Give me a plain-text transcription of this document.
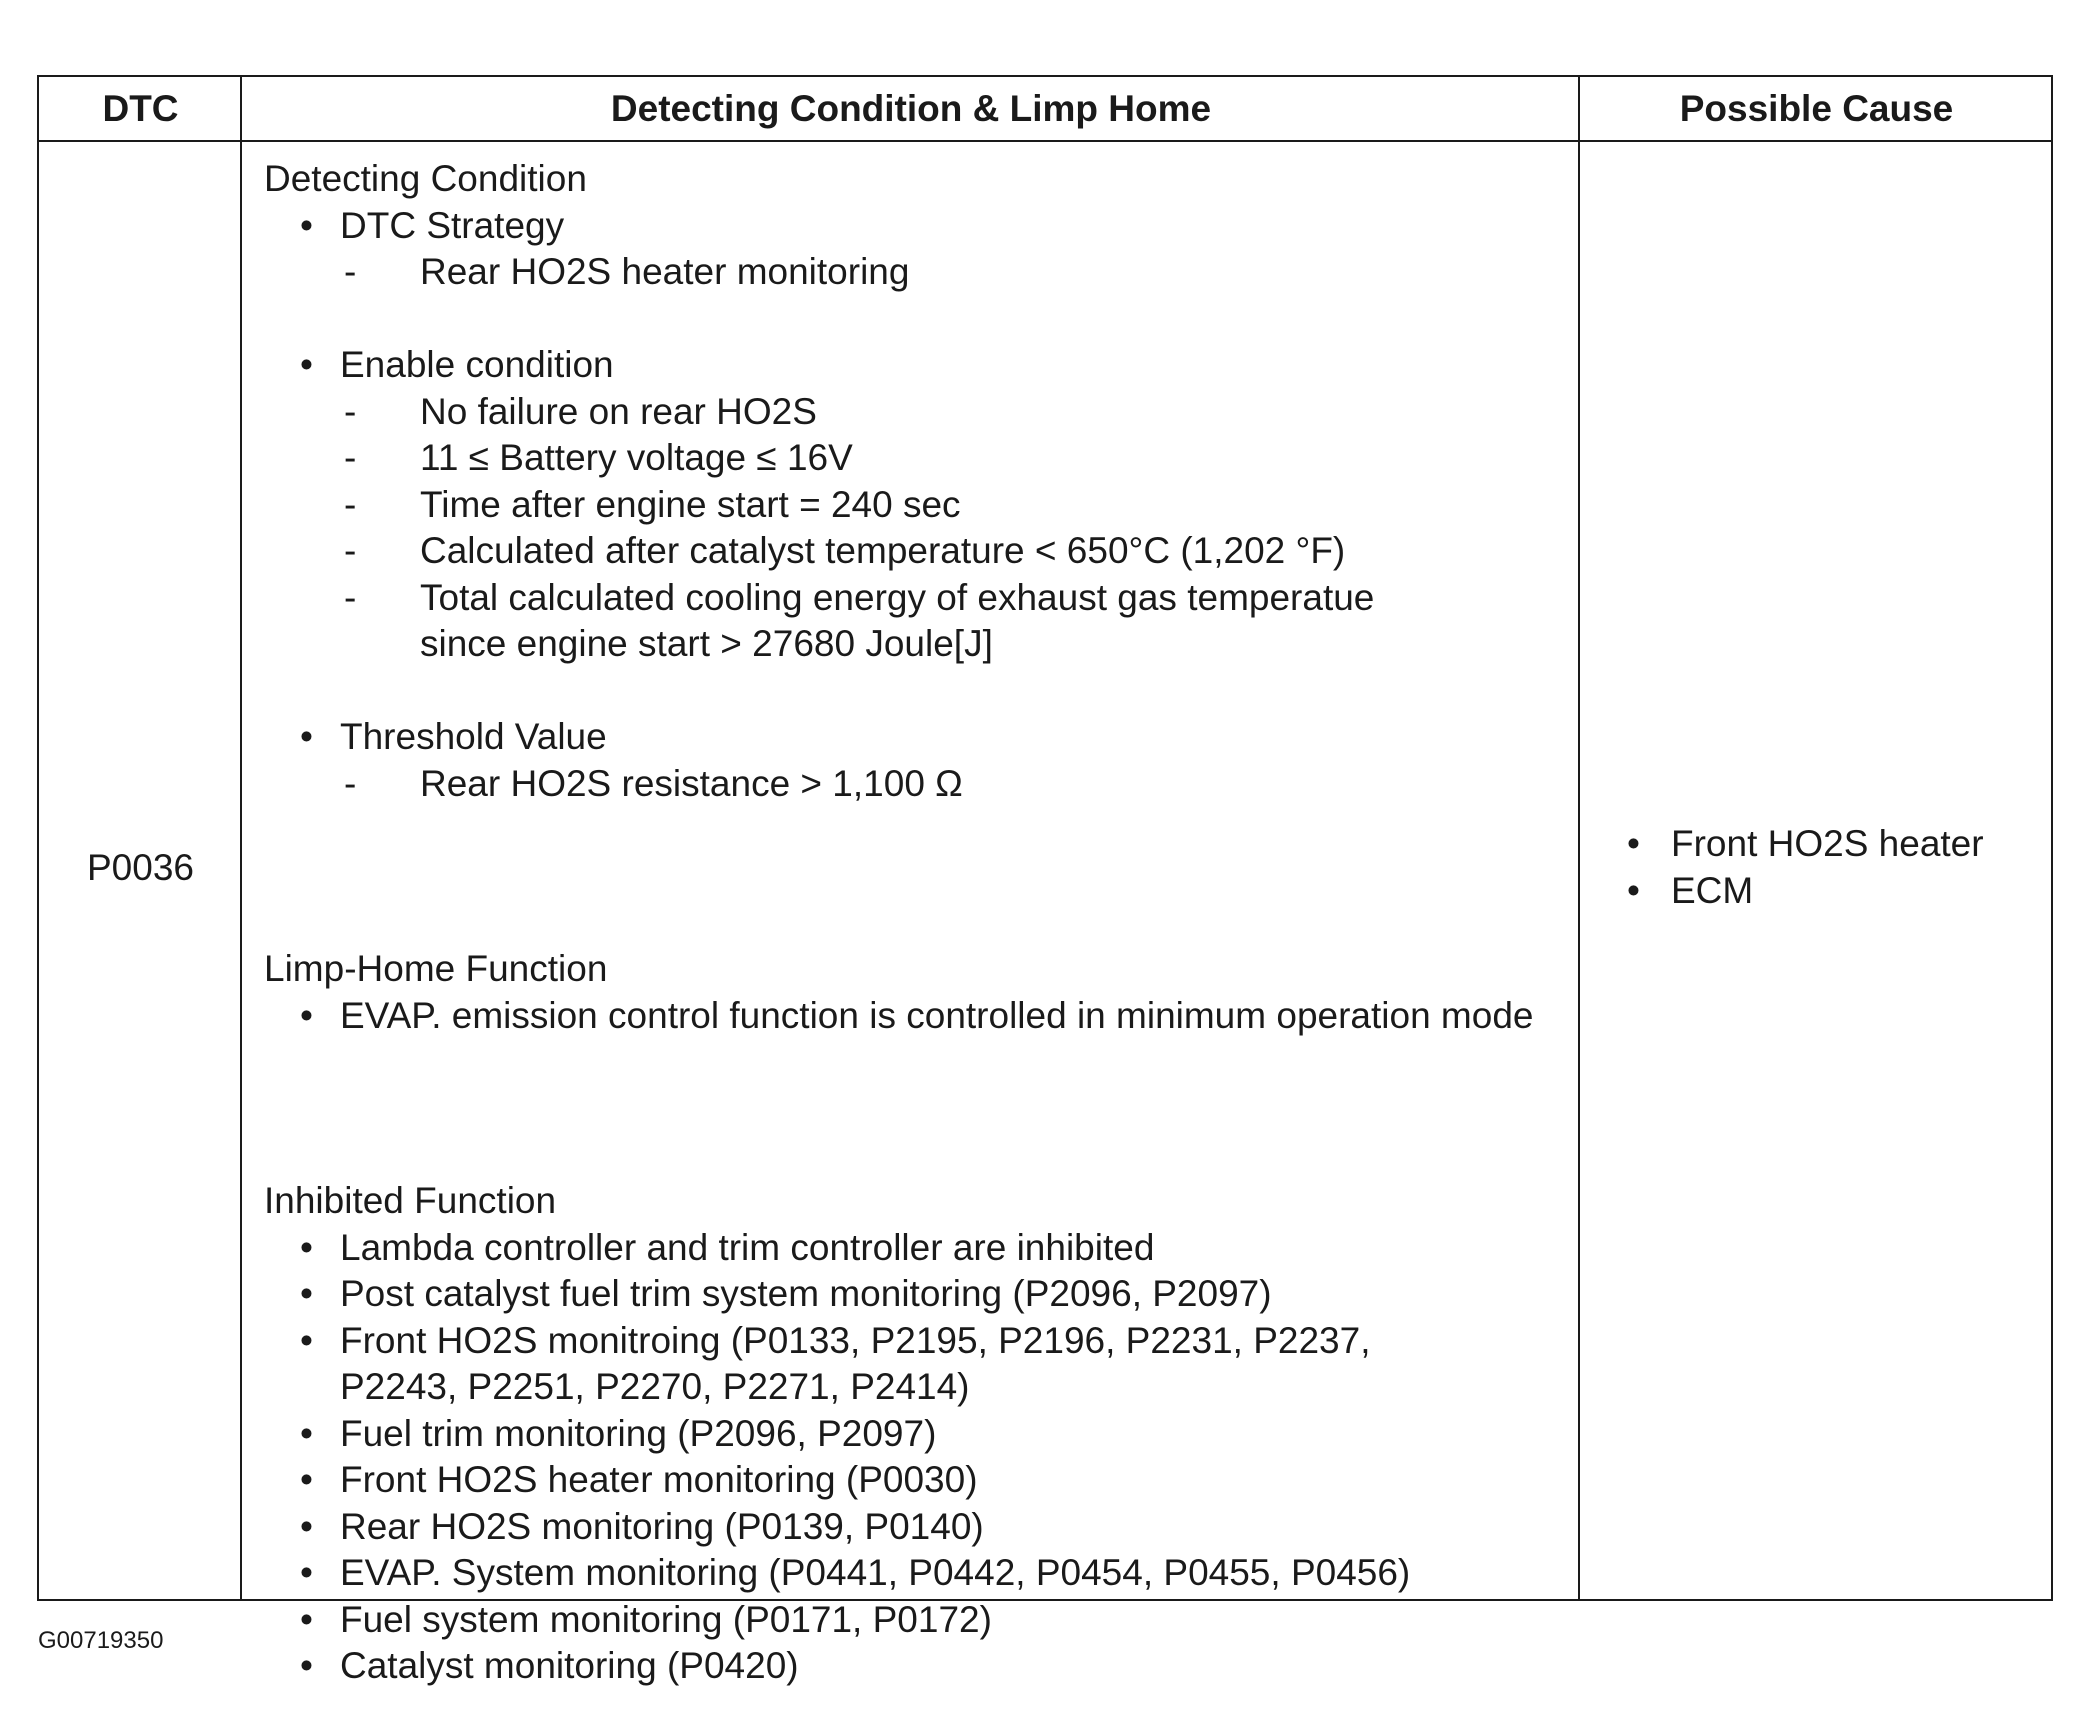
DTC	Detecting Condition & Limp Home	Possible Cause
P0036
Detecting Condition
• DTC Strategy
- Rear HO2S heater monitoring
• Enable condition
- No failure on rear HO2S
- 11 ≤ Battery voltage ≤ 16V
- Time after engine start = 240 sec
- Calculated after catalyst temperature < 650°C (1,202 °F)
- Total calculated cooling energy of exhaust gas temperatue
since engine start > 27680 Joule[J]
• Threshold Value
- Rear HO2S resistance > 1,100 Ω
Limp-Home Function
• EVAP. emission control function is controlled in minimum operation mode
Inhibited Function
• Lambda controller and trim controller are inhibited
• Post catalyst fuel trim system monitoring (P2096, P2097)
• Front HO2S monitroing (P0133, P2195, P2196, P2231, P2237,
P2243, P2251, P2270, P2271, P2414)
• Fuel trim monitoring (P2096, P2097)
• Front HO2S heater monitoring (P0030)
• Rear HO2S monitoring (P0139, P0140)
• EVAP. System monitoring (P0441, P0442, P0454, P0455, P0456)
• Fuel system monitoring (P0171, P0172)
• Catalyst monitoring (P0420)
• Front HO2S heater
• ECM
G00719350
